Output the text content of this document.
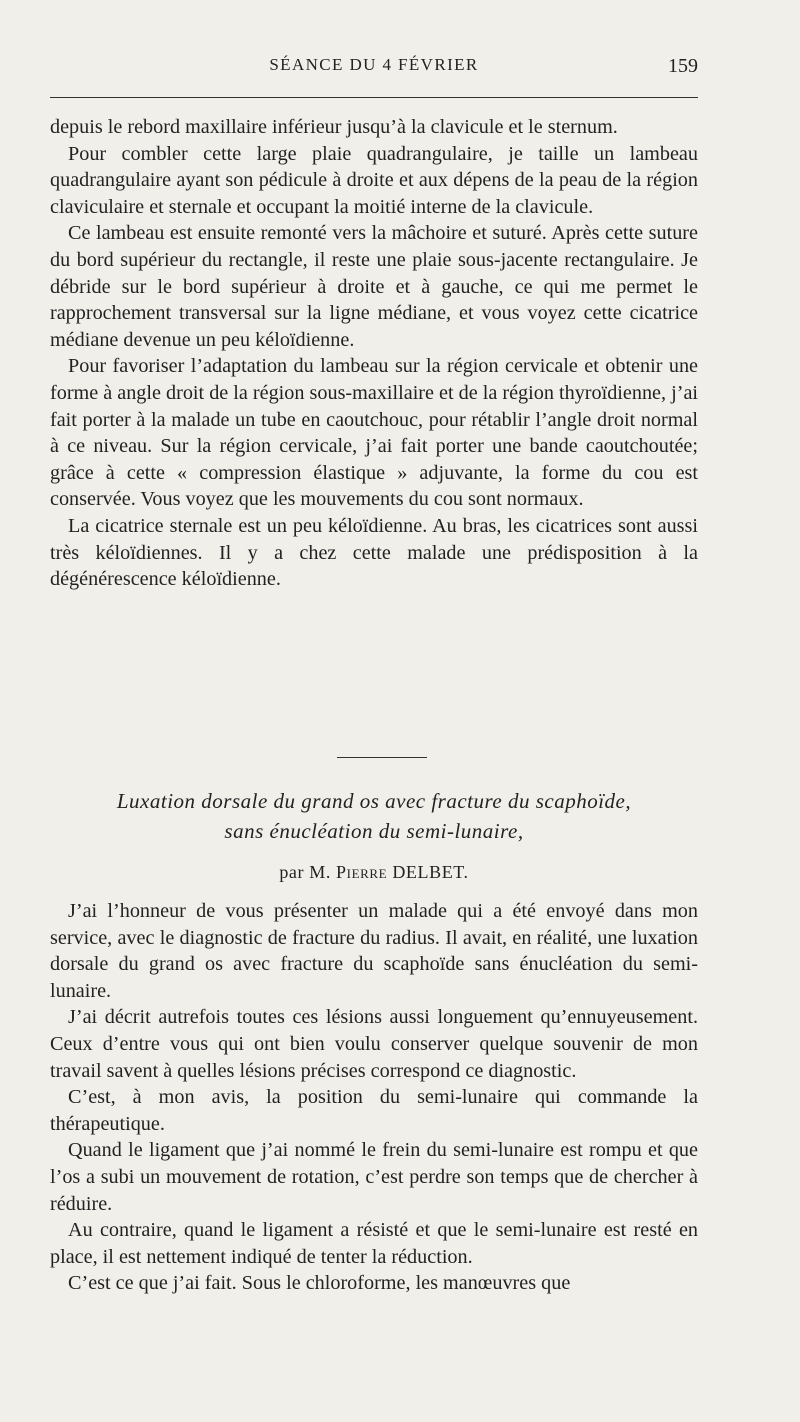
SÉANCE DU 4 FÉVRIER	159

depuis le rebord maxillaire inférieur jusqu’à la clavicule et le sternum.

Pour combler cette large plaie quadrangulaire, je taille un lambeau quadrangulaire ayant son pédicule à droite et aux dépens de la peau de la région claviculaire et sternale et occupant la moitié interne de la clavicule.

Ce lambeau est ensuite remonté vers la mâchoire et suturé. Après cette suture du bord supérieur du rectangle, il reste une plaie sous-jacente rectangulaire. Je débride sur le bord supérieur à droite et à gauche, ce qui me permet le rapprochement transversal sur la ligne médiane, et vous voyez cette cicatrice médiane devenue un peu kéloïdienne.

Pour favoriser l’adaptation du lambeau sur la région cervicale et obtenir une forme à angle droit de la région sous-maxillaire et de la région thyroïdienne, j’ai fait porter à la malade un tube en caoutchouc, pour rétablir l’angle droit normal à ce niveau. Sur la région cervicale, j’ai fait porter une bande caoutchoutée; grâce à cette « compression élastique » adjuvante, la forme du cou est conservée. Vous voyez que les mouvements du cou sont normaux.

La cicatrice sternale est un peu kéloïdienne. Au bras, les cicatrices sont aussi très kéloïdiennes. Il y a chez cette malade une prédisposition à la dégénérescence kéloïdienne.

Luxation dorsale du grand os avec fracture du scaphoïde,
sans énucléation du semi-lunaire,
par M. Pierre DELBET.

J’ai l’honneur de vous présenter un malade qui a été envoyé dans mon service, avec le diagnostic de fracture du radius. Il avait, en réalité, une luxation dorsale du grand os avec fracture du scaphoïde sans énucléation du semi-lunaire.

J’ai décrit autrefois toutes ces lésions aussi longuement qu’ennuyeusement. Ceux d’entre vous qui ont bien voulu conserver quelque souvenir de mon travail savent à quelles lésions précises correspond ce diagnostic.

C’est, à mon avis, la position du semi-lunaire qui commande la thérapeutique.

Quand le ligament que j’ai nommé le frein du semi-lunaire est rompu et que l’os a subi un mouvement de rotation, c’est perdre son temps que de chercher à réduire.

Au contraire, quand le ligament a résisté et que le semi-lunaire est resté en place, il est nettement indiqué de tenter la réduction.

C’est ce que j’ai fait. Sous le chloroforme, les manœuvres que
